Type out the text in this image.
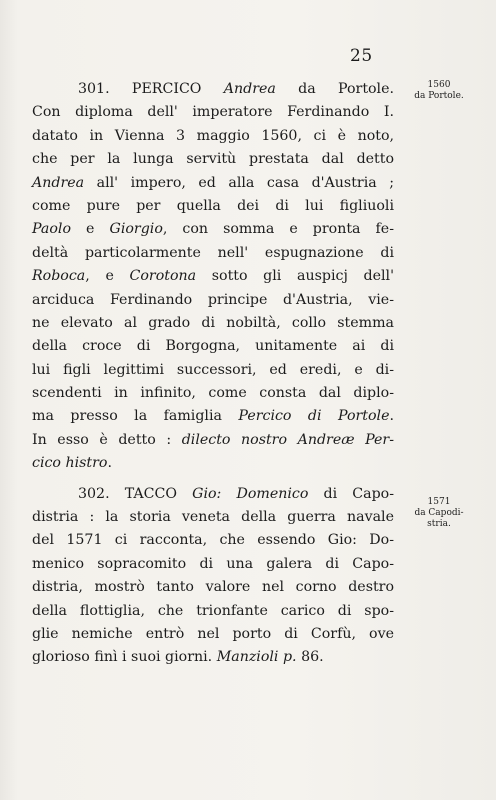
25
1560
da Portole.
1571
da Capodi-
stria.
301. PERCICO Andrea da Portole.
Con diploma dell' imperatore Ferdinando I.
datato in Vienna 3 maggio 1560, ci è noto,
che per la lunga servitù prestata dal detto
Andrea all' impero, ed alla casa d'Austria ;
come pure per quella dei di lui figliuoli
Paolo e Giorgio, con somma e pronta fe-
deltà particolarmente nell' espugnazione di
Roboca, e Corotona sotto gli auspicj dell'
arciduca Ferdinando principe d'Austria, vie-
ne elevato al grado di nobiltà, collo stemma
della croce di Borgogna, unitamente ai di
lui figli legittimi successori, ed eredi, e di-
scendenti in infinito, come consta dal diplo-
ma presso la famiglia Percico di Portole.
In esso è detto : dilecto nostro Andreæ Per-
cico histro.
302. TACCO Gio: Domenico di Capo-
distria : la storia veneta della guerra navale
del 1571 ci racconta, che essendo Gio: Do-
menico sopracomito di una galera di Capo-
distria, mostrò tanto valore nel corno destro
della flottiglia, che trionfante carico di spo-
glie nemiche entrò nel porto di Corfù, ove
glorioso finì i suoi giorni. Manzioli p. 86.
